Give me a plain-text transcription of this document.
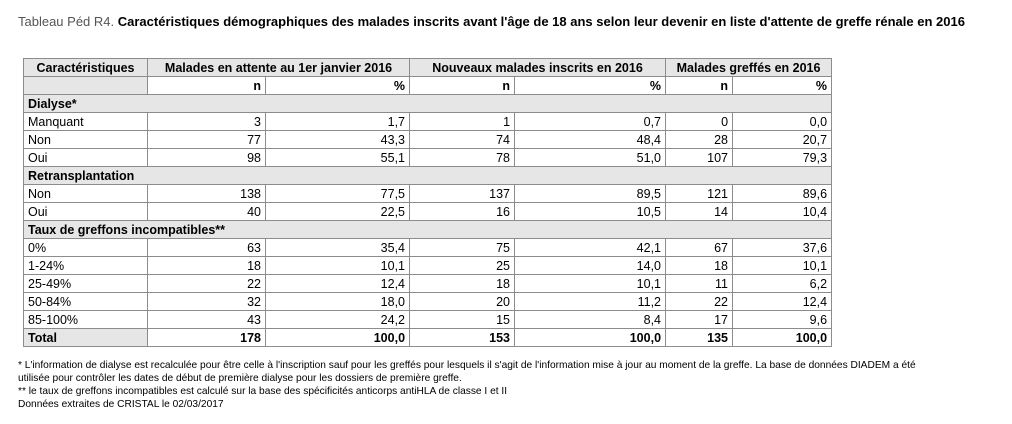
Tableau Péd R4. Caractéristiques démographiques des malades inscrits avant l'âge de 18 ans selon leur devenir en liste d'attente de greffe rénale en 2016
Caractéristiques	Malades en attente au 1er janvier 2016		Nouveaux malades inscrits en 2016		Malades greffés en 2016	
	n	%	n	%	n	%
Dialyse*						
Manquant	3	1,7	1	0,7	0	0,0
Non	77	43,3	74	48,4	28	20,7
Oui	98	55,1	78	51,0	107	79,3
Retransplantation						
Non	138	77,5	137	89,5	121	89,6
Oui	40	22,5	16	10,5	14	10,4
Taux de greffons incompatibles**						
0%	63	35,4	75	42,1	67	37,6
1-24%	18	10,1	25	14,0	18	10,1
25-49%	22	12,4	18	10,1	11	6,2
50-84%	32	18,0	20	11,2	22	12,4
85-100%	43	24,2	15	8,4	17	9,6
Total	178	100,0	153	100,0	135	100,0
* L'information de dialyse est recalculée pour être celle à l'inscription sauf pour les greffés pour lesquels il s'agit de l'information mise à jour au moment de la greffe. La base de données DIADEM a été
utilisée pour contrôler les dates de début de première dialyse pour les dossiers de première greffe.
** le taux de greffons incompatibles est calculé sur la base des spécificités anticorps antiHLA de classe I et II
Données extraites de CRISTAL le 02/03/2017
